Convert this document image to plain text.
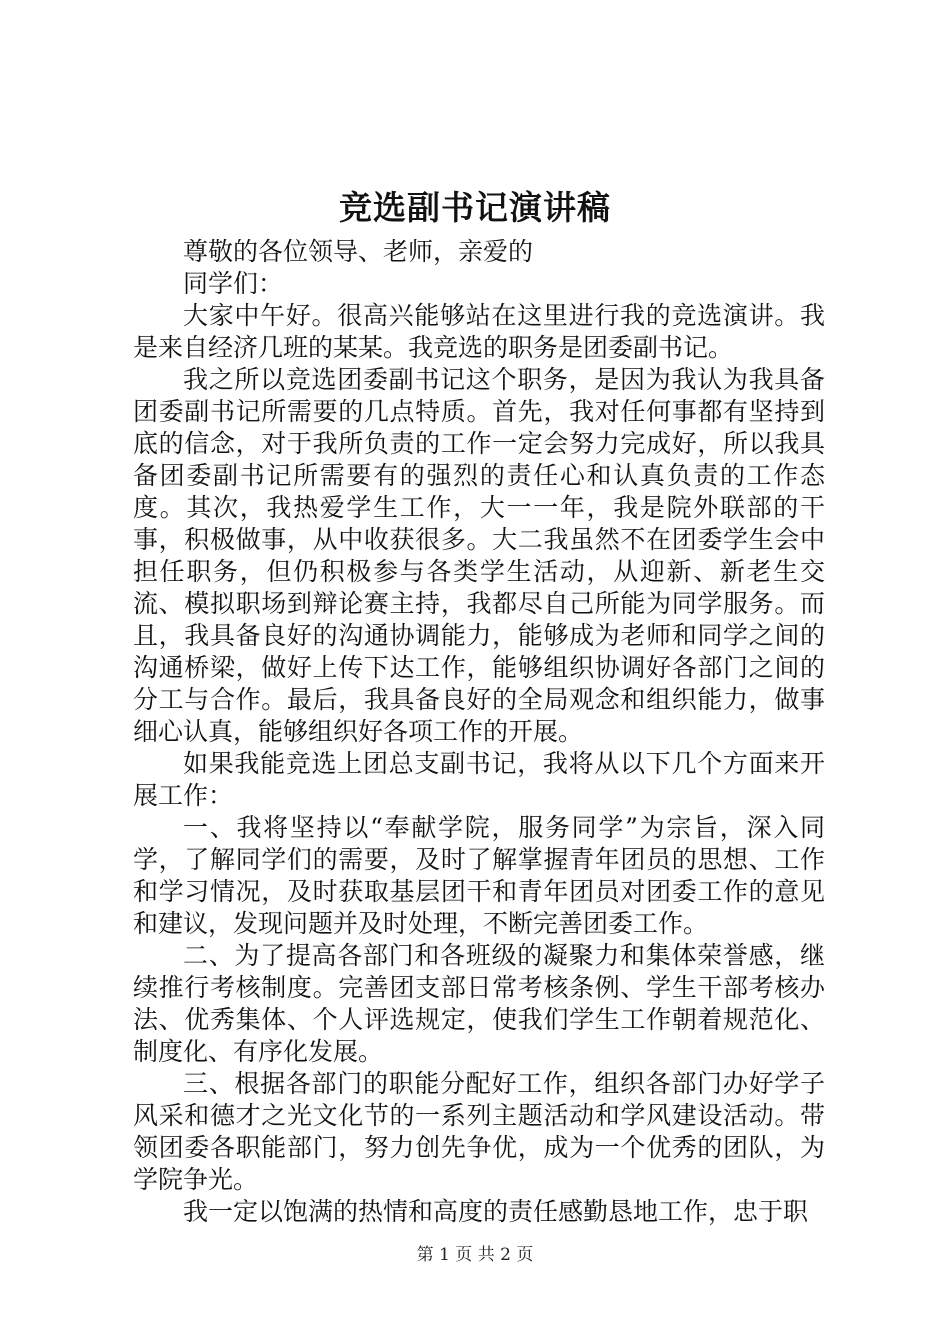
竞选副书记演讲稿

尊敬的各位领导、老师，亲爱的

同学们：

大家中午好。很高兴能够站在这里进行我的竞选演讲。我是来自经济几班的某某。我竞选的职务是团委副书记。

我之所以竞选团委副书记这个职务，是因为我认为我具备团委副书记所需要的几点特质。首先，我对任何事都有坚持到底的信念，对于我所负责的工作一定会努力完成好，所以我具备团委副书记所需要有的强烈的责任心和认真负责的工作态度。其次，我热爱学生工作，大一一年，我是院外联部的干事，积极做事，从中收获很多。大二我虽然不在团委学生会中担任职务，但仍积极参与各类学生活动，从迎新、新老生交流、模拟职场到辩论赛主持，我都尽自己所能为同学服务。而且，我具备良好的沟通协调能力，能够成为老师和同学之间的沟通桥梁，做好上传下达工作，能够组织协调好各部门之间的分工与合作。最后，我具备良好的全局观念和组织能力，做事细心认真，能够组织好各项工作的开展。

如果我能竞选上团总支副书记，我将从以下几个方面来开展工作：

一、我将坚持以“奉献学院，服务同学”为宗旨，深入同学，了解同学们的需要，及时了解掌握青年团员的思想、工作和学习情况，及时获取基层团干和青年团员对团委工作的意见和建议，发现问题并及时处理，不断完善团委工作。

二、为了提高各部门和各班级的凝聚力和集体荣誉感，继续推行考核制度。完善团支部日常考核条例、学生干部考核办法、优秀集体、个人评选规定，使我们学生工作朝着规范化、制度化、有序化发展。

三、根据各部门的职能分配好工作，组织各部门办好学子风采和德才之光文化节的一系列主题活动和学风建设活动。带领团委各职能部门，努力创先争优，成为一个优秀的团队，为学院争光。

我一定以饱满的热情和高度的责任感勤恳地工作，忠于职

第 1 页 共 2 页
